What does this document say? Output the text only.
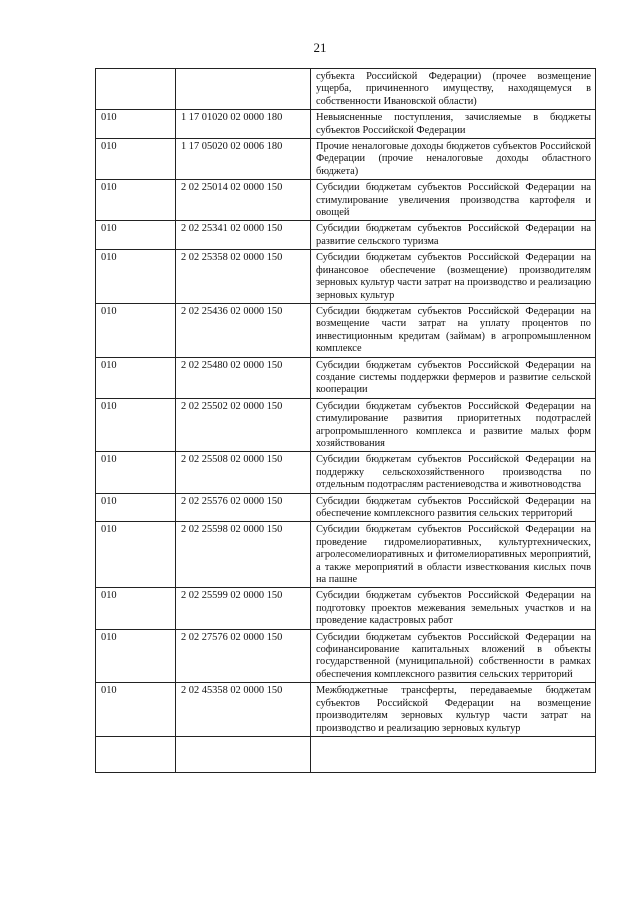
21
		субъекта Российской Федерации) (прочее возмещение ущерба, причиненного имуществу, находящемуся в собственности Ивановской области)
010	1 17 01020 02 0000 180	Невыясненные поступления, зачисляемые в бюджеты субъектов Российской Федерации
010	1 17 05020 02 0006 180	Прочие неналоговые доходы бюджетов субъектов Российской Федерации (прочие неналоговые доходы областного бюджета)
010	2 02 25014 02 0000 150	Субсидии бюджетам субъектов Российской Федерации на стимулирование увеличения производства картофеля и овощей
010	2 02 25341 02 0000 150	Субсидии бюджетам субъектов Российской Федерации на развитие сельского туризма
010	2 02 25358 02 0000 150	Субсидии бюджетам субъектов Российской Федерации на финансовое обеспечение (возмещение) производителям зерновых культур части затрат на производство и реализацию зерновых культур
010	2 02 25436 02 0000 150	Субсидии бюджетам субъектов Российской Федерации на возмещение части затрат на уплату процентов по инвестиционным кредитам (займам) в агропромышленном комплексе
010	2 02 25480 02 0000 150	Субсидии бюджетам субъектов Российской Федерации на создание системы поддержки фермеров и развитие сельской кооперации
010	2 02 25502 02 0000 150	Субсидии бюджетам субъектов Российской Федерации на стимулирование развития приоритетных подотраслей агропромышленного комплекса и развитие малых форм хозяйствования
010	2 02 25508 02 0000 150	Субсидии бюджетам субъектов Российской Федерации на поддержку сельскохозяйственного производства по отдельным подотраслям растениеводства и животноводства
010	2 02 25576 02 0000 150	Субсидии бюджетам субъектов Российской Федерации на обеспечение комплексного развития сельских территорий
010	2 02 25598 02 0000 150	Субсидии бюджетам субъектов Российской Федерации на проведение гидромелиоративных, культуртехнических, агролесомелиоративных и фитомелиоративных мероприятий, а также мероприятий в области известкования кислых почв на пашне
010	2 02 25599 02 0000 150	Субсидии бюджетам субъектов Российской Федерации на подготовку проектов межевания земельных участков и на проведение кадастровых работ
010	2 02 27576 02 0000 150	Субсидии бюджетам субъектов Российской Федерации на софинансирование капитальных вложений в объекты государственной (муниципальной) собственности в рамках обеспечения комплексного развития сельских территорий
010	2 02 45358 02 0000 150	Межбюджетные трансферты, передаваемые бюджетам субъектов Российской Федерации на возмещение производителям зерновых культур части затрат на производство и реализацию зерновых культур
